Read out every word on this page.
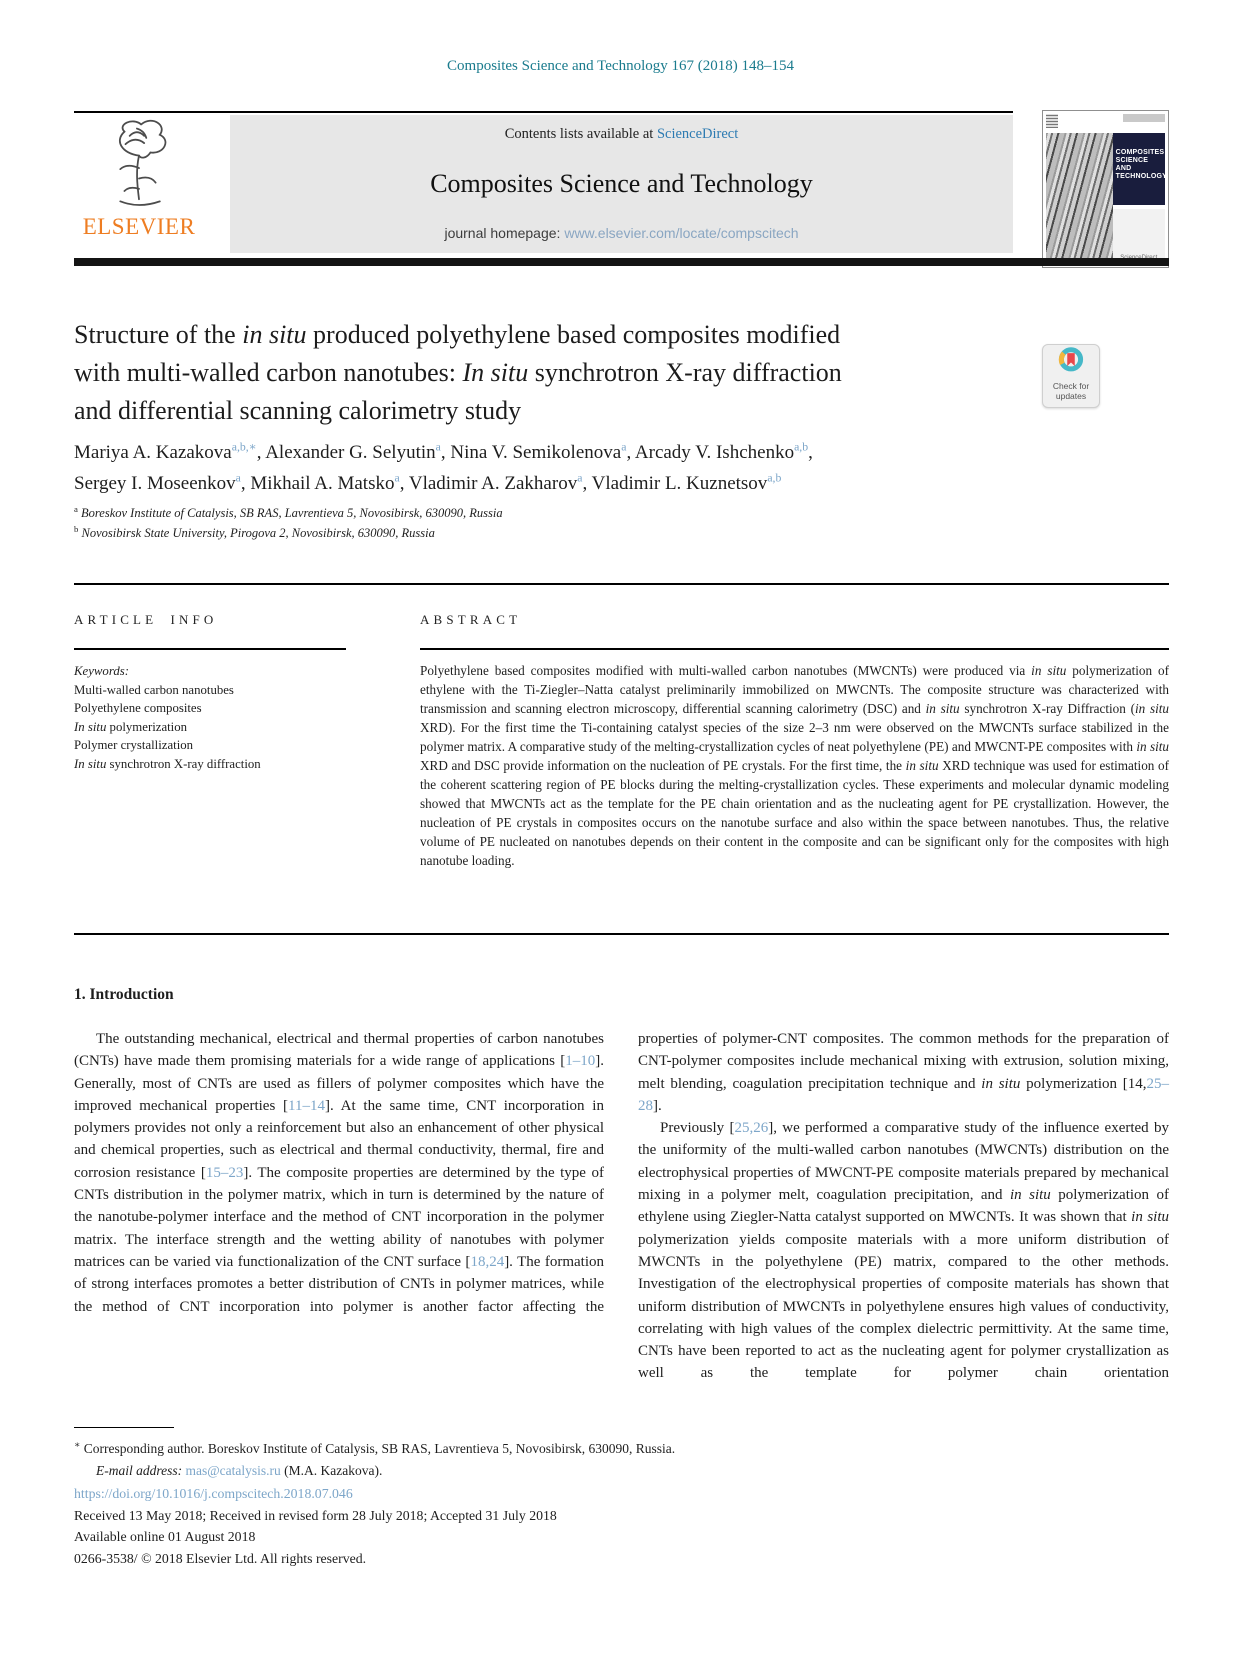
Composites Science and Technology 167 (2018) 148–154
ELSEVIER
Contents lists available at ScienceDirect
Composites Science and Technology
journal homepage: www.elsevier.com/locate/compscitech
COMPOSITES SCIENCE AND TECHNOLOGY
Structure of the in situ produced polyethylene based composites modified
with multi-walled carbon nanotubes: In situ synchrotron X-ray diffraction
and differential scanning calorimetry study
Check for
updates
Mariya A. Kazakova$^{a,b,∗}$, Alexander G. Selyutin$^a$, Nina V. Semikolenova$^a$, Arcady V. Ishchenko$^{a,b}$,
Sergey I. Moseenkov$^a$, Mikhail A. Matsko$^a$, Vladimir A. Zakharov$^a$, Vladimir L. Kuznetsov$^{a,b}$
$^a$ Boreskov Institute of Catalysis, SB RAS, Lavrentieva 5, Novosibirsk, 630090, Russia
$^b$ Novosibirsk State University, Pirogova 2, Novosibirsk, 630090, Russia
ARTICLE INFO	ABSTRACT
Keywords:
Multi-walled carbon nanotubes
Polyethylene composites
In situ polymerization
Polymer crystallization
In situ synchrotron X-ray diffraction
Polyethylene based composites modified with multi-walled carbon nanotubes (MWCNTs) were produced via in situ polymerization of ethylene with the Ti-Ziegler–Natta catalyst preliminarily immobilized on MWCNTs. The composite structure was characterized with transmission and scanning electron microscopy, differential scanning calorimetry (DSC) and in situ synchrotron X-ray Diffraction (in situ XRD). For the first time the Ti-containing catalyst species of the size 2–3 nm were observed on the MWCNTs surface stabilized in the polymer matrix. A comparative study of the melting-crystallization cycles of neat polyethylene (PE) and MWCNT-PE composites with in situ XRD and DSC provide information on the nucleation of PE crystals. For the first time, the in situ XRD technique was used for estimation of the coherent scattering region of PE blocks during the melting-crystallization cycles. These experiments and molecular dynamic modeling showed that MWCNTs act as the template for the PE chain orientation and as the nucleating agent for PE crystallization. However, the nucleation of PE crystals in composites occurs on the nanotube surface and also within the space between nanotubes. Thus, the relative volume of PE nucleated on nanotubes depends on their content in the composite and can be significant only for the composites with high nanotube loading.
1. Introduction

The outstanding mechanical, electrical and thermal properties of carbon nanotubes (CNTs) have made them promising materials for a wide range of applications [1–10]. Generally, most of CNTs are used as fillers of polymer composites which have the improved mechanical properties [11–14]. At the same time, CNT incorporation in polymers provides not only a reinforcement but also an enhancement of other physical and chemical properties, such as electrical and thermal conductivity, thermal, fire and corrosion resistance [15–23]. The composite properties are determined by the type of CNTs distribution in the polymer matrix, which in turn is determined by the nature of the nanotube-polymer interface and the method of CNT incorporation in the polymer matrix. The interface strength and the wetting ability of nanotubes with polymer matrices can be varied via functionalization of the CNT surface [18,24]. The formation of strong interfaces promotes a better distribution of CNTs in polymer matrices, while the method of CNT incorporation into polymer is another factor affecting the

properties of polymer-CNT composites. The common methods for the preparation of CNT-polymer composites include mechanical mixing with extrusion, solution mixing, melt blending, coagulation precipitation technique and in situ polymerization [14,25–28].

Previously [25,26], we performed a comparative study of the influence exerted by the uniformity of the multi-walled carbon nanotubes (MWCNTs) distribution on the electrophysical properties of MWCNT-PE composite materials prepared by mechanical mixing in a polymer melt, coagulation precipitation, and in situ polymerization of ethylene using Ziegler-Natta catalyst supported on MWCNTs. It was shown that in situ polymerization yields composite materials with a more uniform distribution of MWCNTs in the polyethylene (PE) matrix, compared to the other methods. Investigation of the electrophysical properties of composite materials has shown that uniform distribution of MWCNTs in polyethylene ensures high values of conductivity, correlating with high values of the complex dielectric permittivity. At the same time, CNTs have been reported to act as the nucleating agent for polymer crystallization as well as the template for polymer chain orientation

∗ Corresponding author. Boreskov Institute of Catalysis, SB RAS, Lavrentieva 5, Novosibirsk, 630090, Russia.
E-mail address: mas@catalysis.ru (M.A. Kazakova).
https://doi.org/10.1016/j.compscitech.2018.07.046
Received 13 May 2018; Received in revised form 28 July 2018; Accepted 31 July 2018
Available online 01 August 2018
0266-3538/ © 2018 Elsevier Ltd. All rights reserved.
